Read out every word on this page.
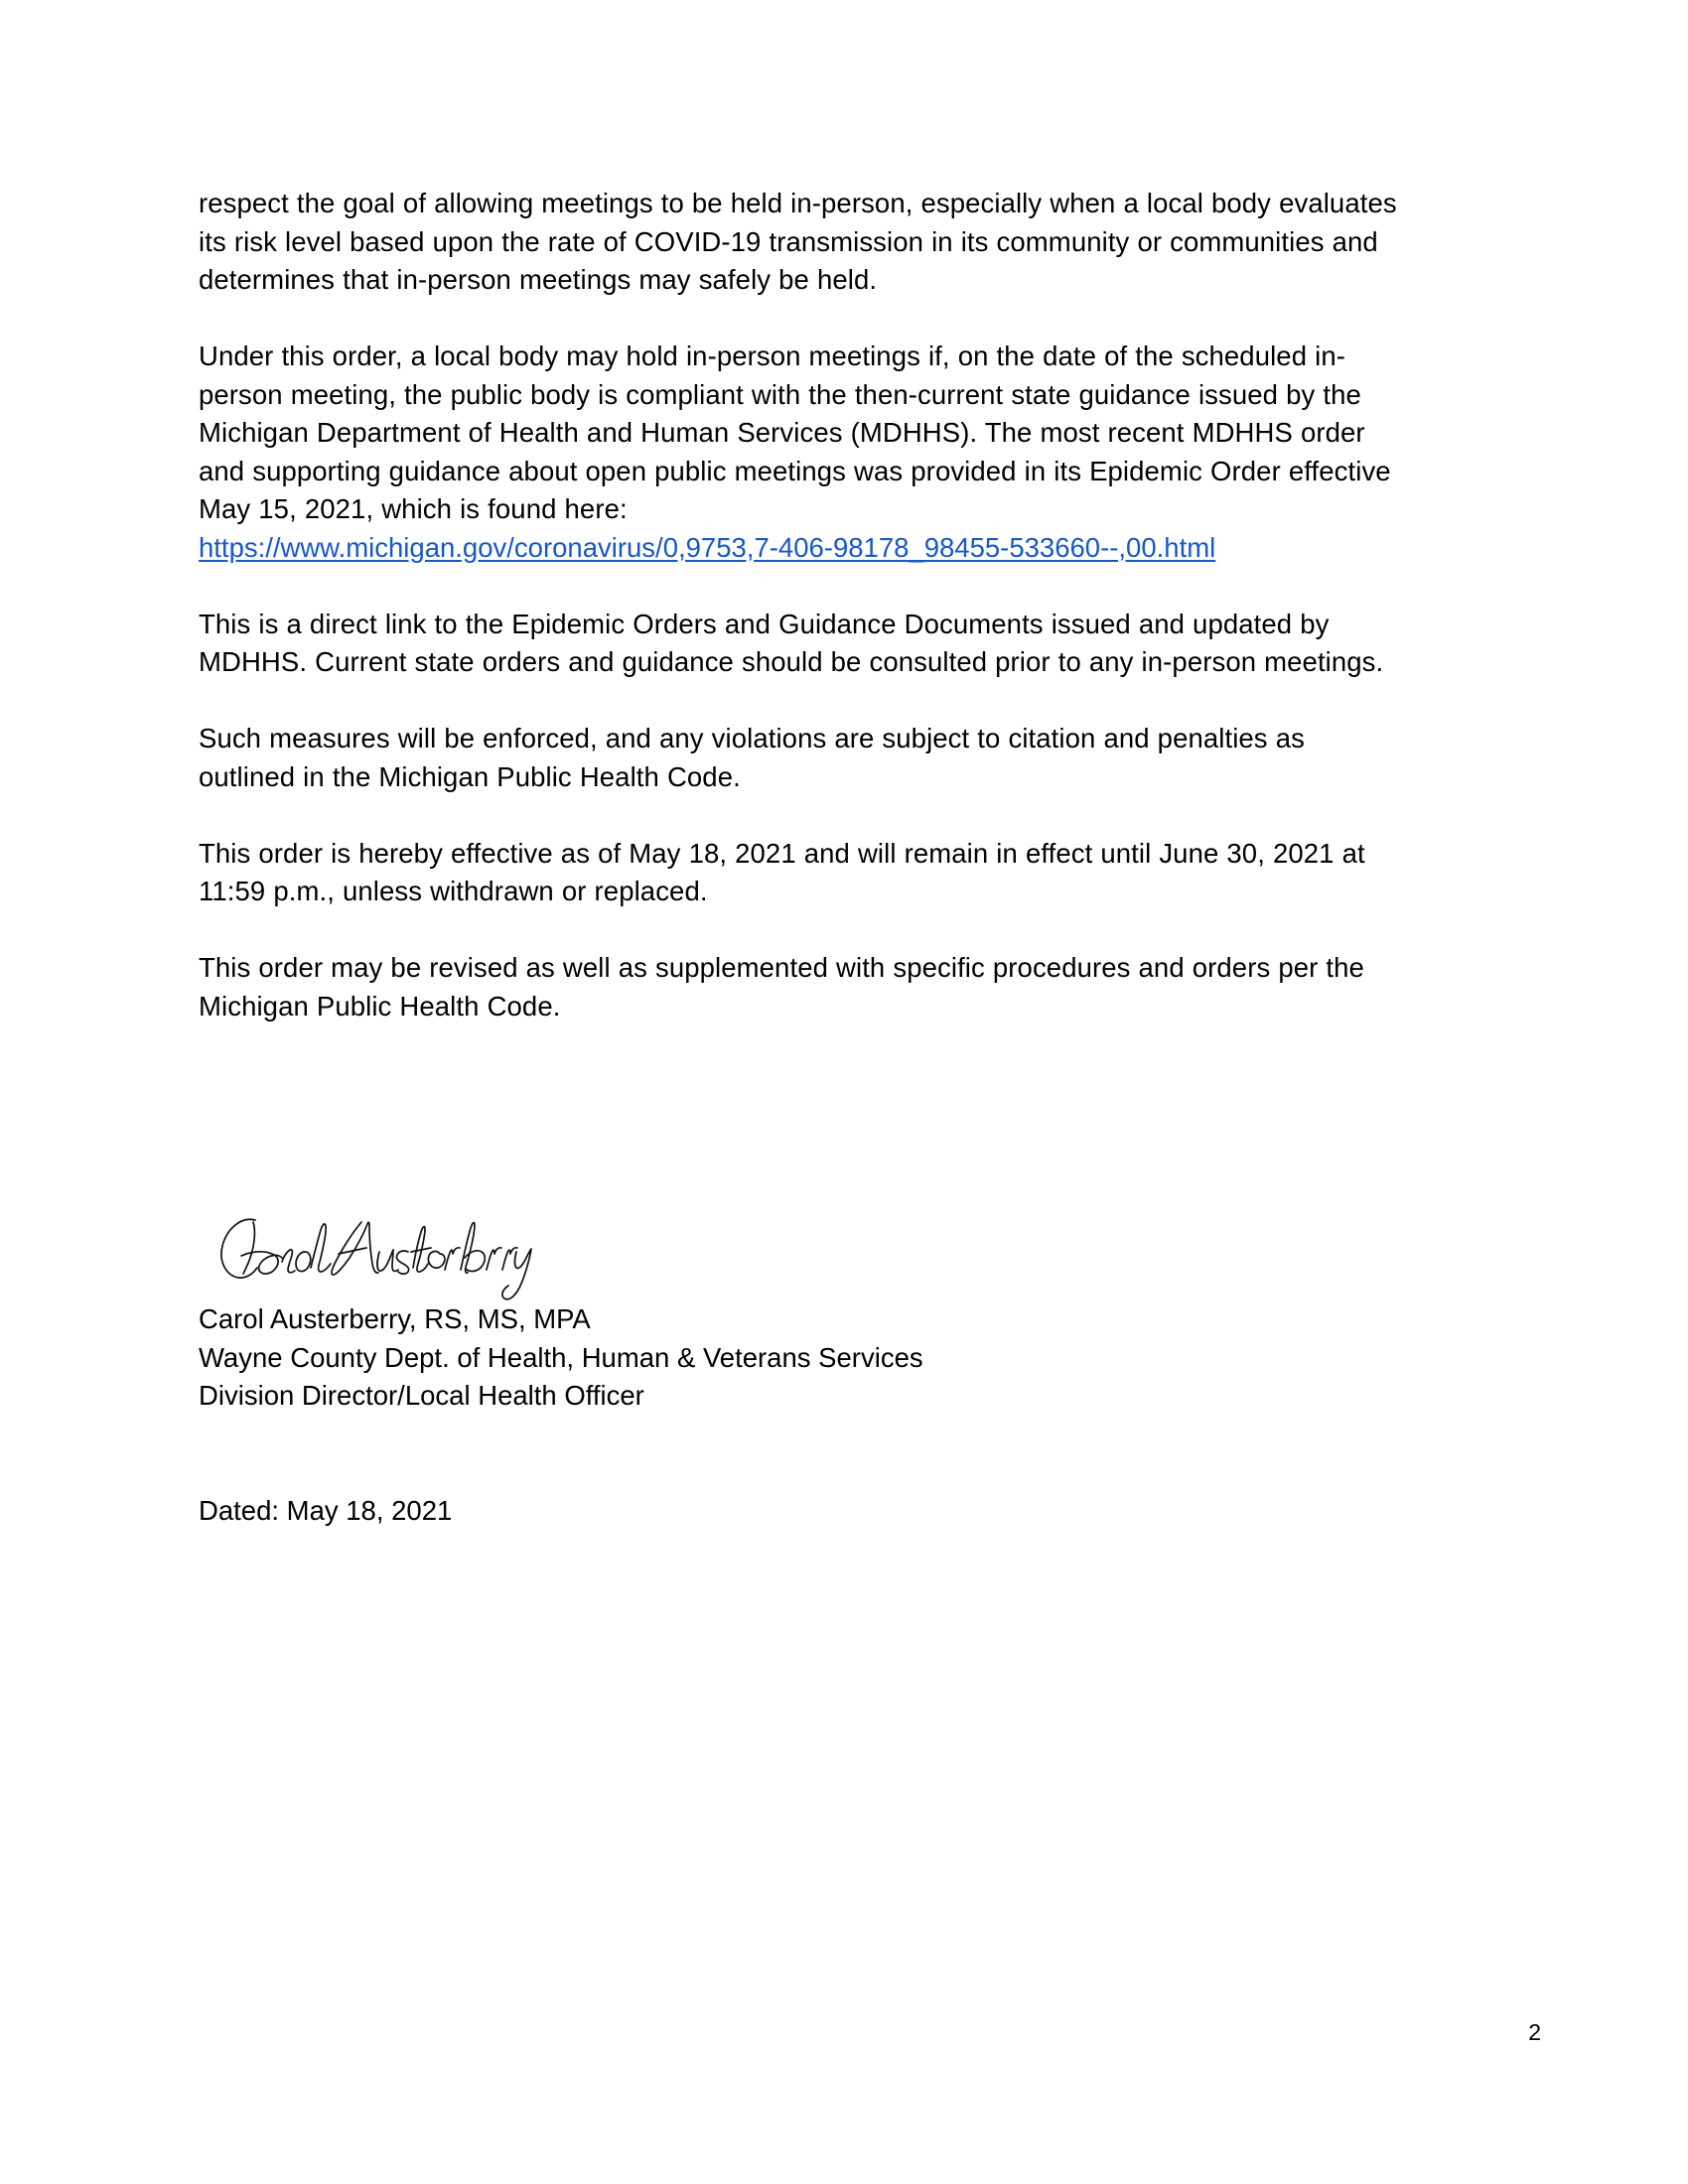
respect the goal of allowing meetings to be held in-person, especially when a local body evaluates its risk level based upon the rate of COVID-19 transmission in its community or communities and determines that in-person meetings may safely be held.

Under this order, a local body may hold in-person meetings if, on the date of the scheduled in-person meeting, the public body is compliant with the then-current state guidance issued by the Michigan Department of Health and Human Services (MDHHS). The most recent MDHHS order and supporting guidance about open public meetings was provided in its Epidemic Order effective May 15, 2021, which is found here:

https://www.michigan.gov/coronavirus/0,9753,7-406-98178_98455-533660--,00.html

This is a direct link to the Epidemic Orders and Guidance Documents issued and updated by MDHHS. Current state orders and guidance should be consulted prior to any in-person meetings.

Such measures will be enforced, and any violations are subject to citation and penalties as outlined in the Michigan Public Health Code.

This order is hereby effective as of May 18, 2021 and will remain in effect until June 30, 2021 at 11:59 p.m., unless withdrawn or replaced.

This order may be revised as well as supplemented with specific procedures and orders per the Michigan Public Health Code.

Carol Austerberry, RS, MS, MPA

Wayne County Dept. of Health, Human & Veterans Services

Division Director/Local Health Officer

Dated: May 18, 2021

2
